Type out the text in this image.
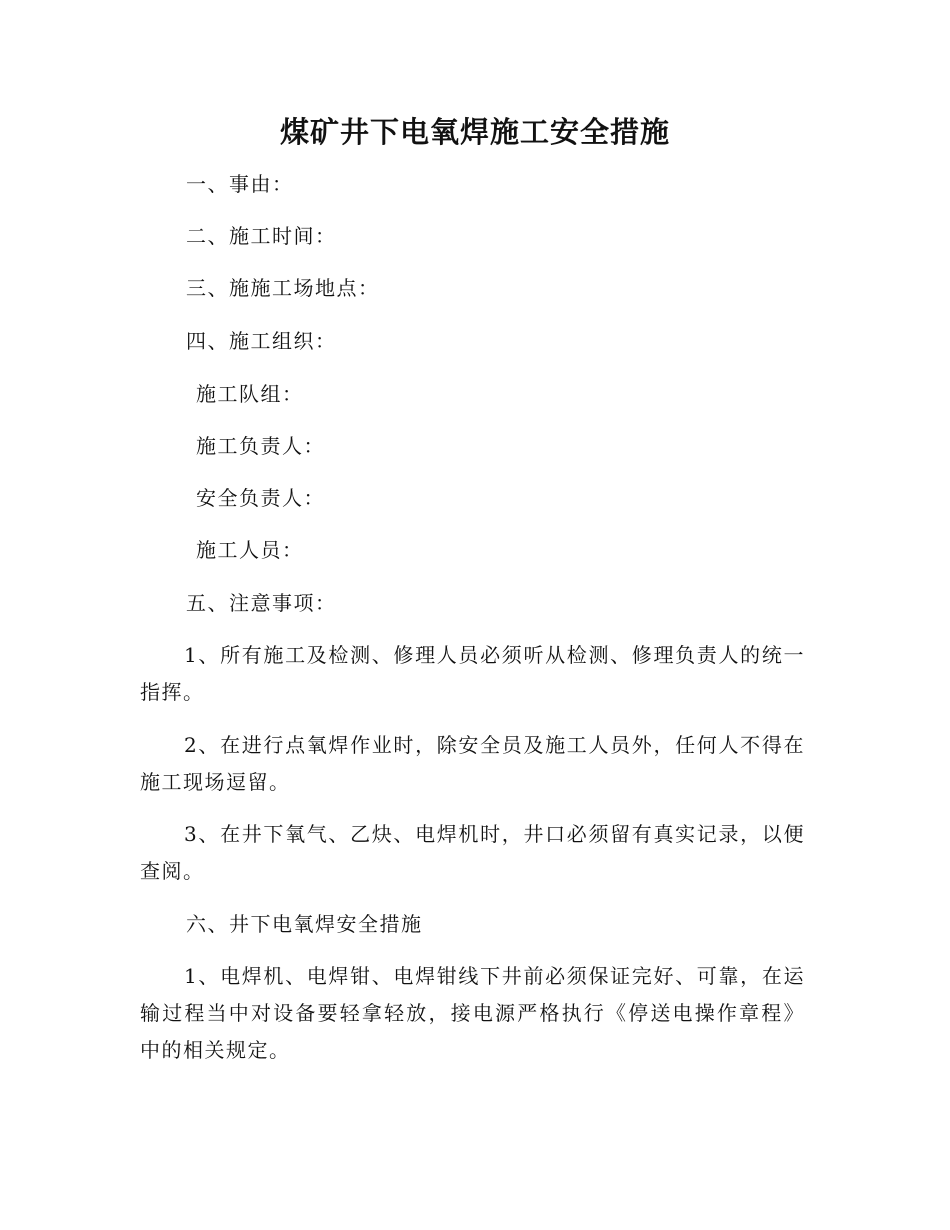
煤矿井下电氧焊施工安全措施
一、事由：
二、施工时间：
三、施施工场地点：
四、施工组织：
施工队组：
施工负责人：
安全负责人：
施工人员：
五、注意事项：
1、所有施工及检测、修理人员必须听从检测、修理负责人的统一指挥。
2、在进行点氧焊作业时，除安全员及施工人员外，任何人不得在施工现场逗留。
3、在井下氧气、乙炔、电焊机时，井口必须留有真实记录，以便查阅。
六、井下电氧焊安全措施
1、电焊机、电焊钳、电焊钳线下井前必须保证完好、可靠，在运输过程当中对设备要轻拿轻放，接电源严格执行《停送电操作章程》中的相关规定。
